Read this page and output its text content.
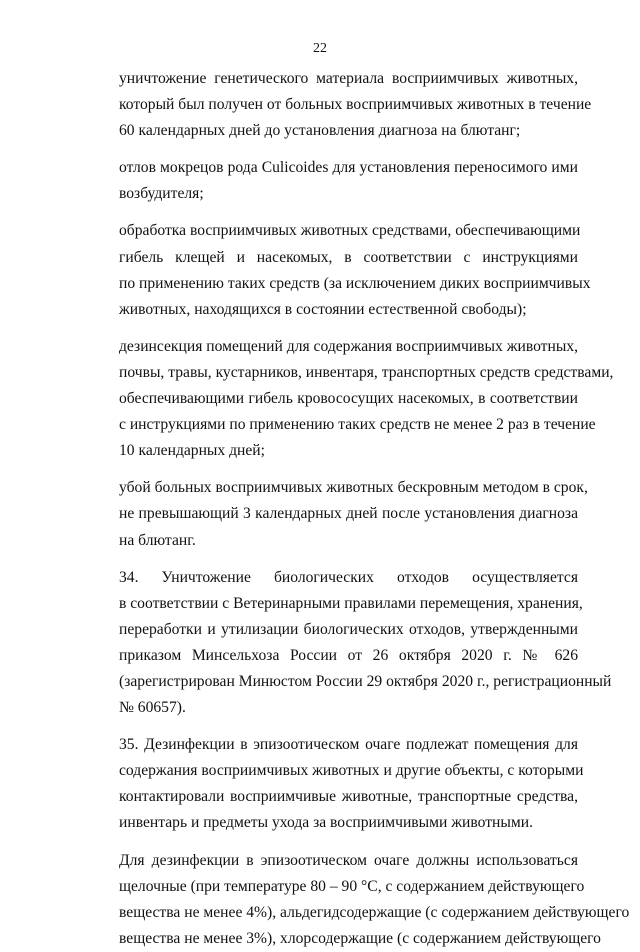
22
уничтожение генетического материала восприимчивых животных,
который был получен от больных восприимчивых животных в течение
60 календарных дней до установления диагноза на блютанг;
отлов мокрецов рода Culicoides для установления переносимого ими
возбудителя;
обработка восприимчивых животных средствами, обеспечивающими
гибель клещей и насекомых, в соответствии с инструкциями
по применению таких средств (за исключением диких восприимчивых
животных, находящихся в состоянии естественной свободы);
дезинсекция помещений для содержания восприимчивых животных,
почвы, травы, кустарников, инвентаря, транспортных средств средствами,
обеспечивающими гибель кровососущих насекомых, в соответствии
с инструкциями по применению таких средств не менее 2 раз в течение
10 календарных дней;
убой больных восприимчивых животных бескровным методом в срок,
не превышающий 3 календарных дней после установления диагноза
на блютанг.
34. Уничтожение биологических отходов осуществляется
в соответствии с Ветеринарными правилами перемещения, хранения,
переработки и утилизации биологических отходов, утвержденными
приказом Минсельхоза России от 26 октября 2020 г. № 626
(зарегистрирован Минюстом России 29 октября 2020 г., регистрационный
№ 60657).
35. Дезинфекции в эпизоотическом очаге подлежат помещения для
содержания восприимчивых животных и другие объекты, с которыми
контактировали восприимчивые животные, транспортные средства,
инвентарь и предметы ухода за восприимчивыми животными.
Для дезинфекции в эпизоотическом очаге должны использоваться
щелочные (при температуре 80 – 90 °С, с содержанием действующего
вещества не менее 4%), альдегидсодержащие (с содержанием действующего
вещества не менее 3%), хлорсодержащие (с содержанием действующего
